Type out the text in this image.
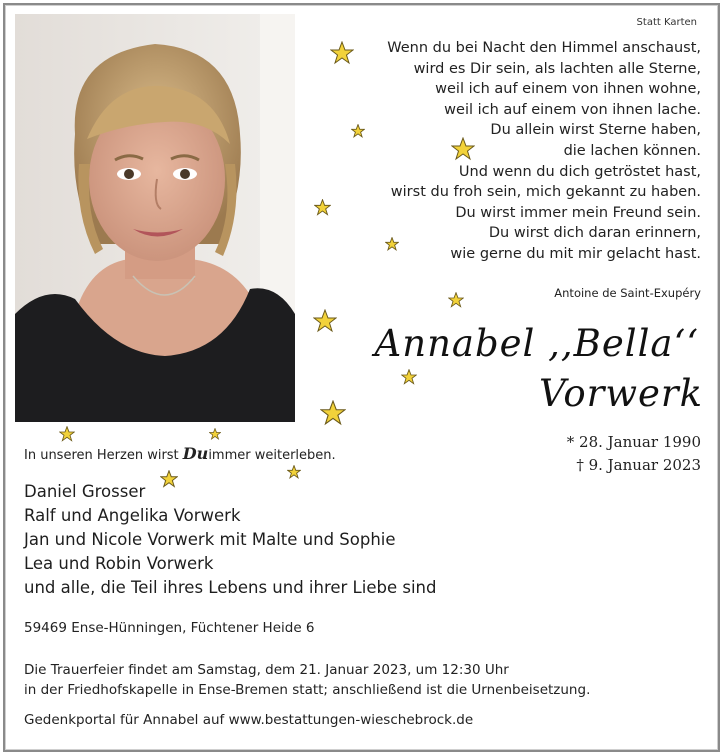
Statt Karten
Wenn du bei Nacht den Himmel anschaust,
wird es Dir sein, als lachten alle Sterne,
weil ich auf einem von ihnen wohne,
weil ich auf einem von ihnen lache.
Du allein wirst Sterne haben,
die lachen können.
Und wenn du dich getröstet hast,
wirst du froh sein, mich gekannt zu haben.
Du wirst immer mein Freund sein.
Du wirst dich daran erinnern,
wie gerne du mit mir gelacht hast.
Antoine de Saint-Exupéry
Annabel ,,Bella‘‘
Vorwerk
* 28. Januar 1990
† 9. Januar 2023
In unseren Herzen wirst Duimmer weiterleben.
Daniel Grosser
Ralf und Angelika Vorwerk
Jan und Nicole Vorwerk mit Malte und Sophie
Lea und Robin Vorwerk
und alle, die Teil ihres Lebens und ihrer Liebe sind
59469 Ense-Hünningen, Füchtener Heide 6
Die Trauerfeier findet am Samstag, dem 21. Januar 2023, um 12:30 Uhr
in der Friedhofskapelle in Ense-Bremen statt; anschließend ist die Urnenbeisetzung.
Gedenkportal für Annabel auf www.bestattungen-wieschebrock.de
